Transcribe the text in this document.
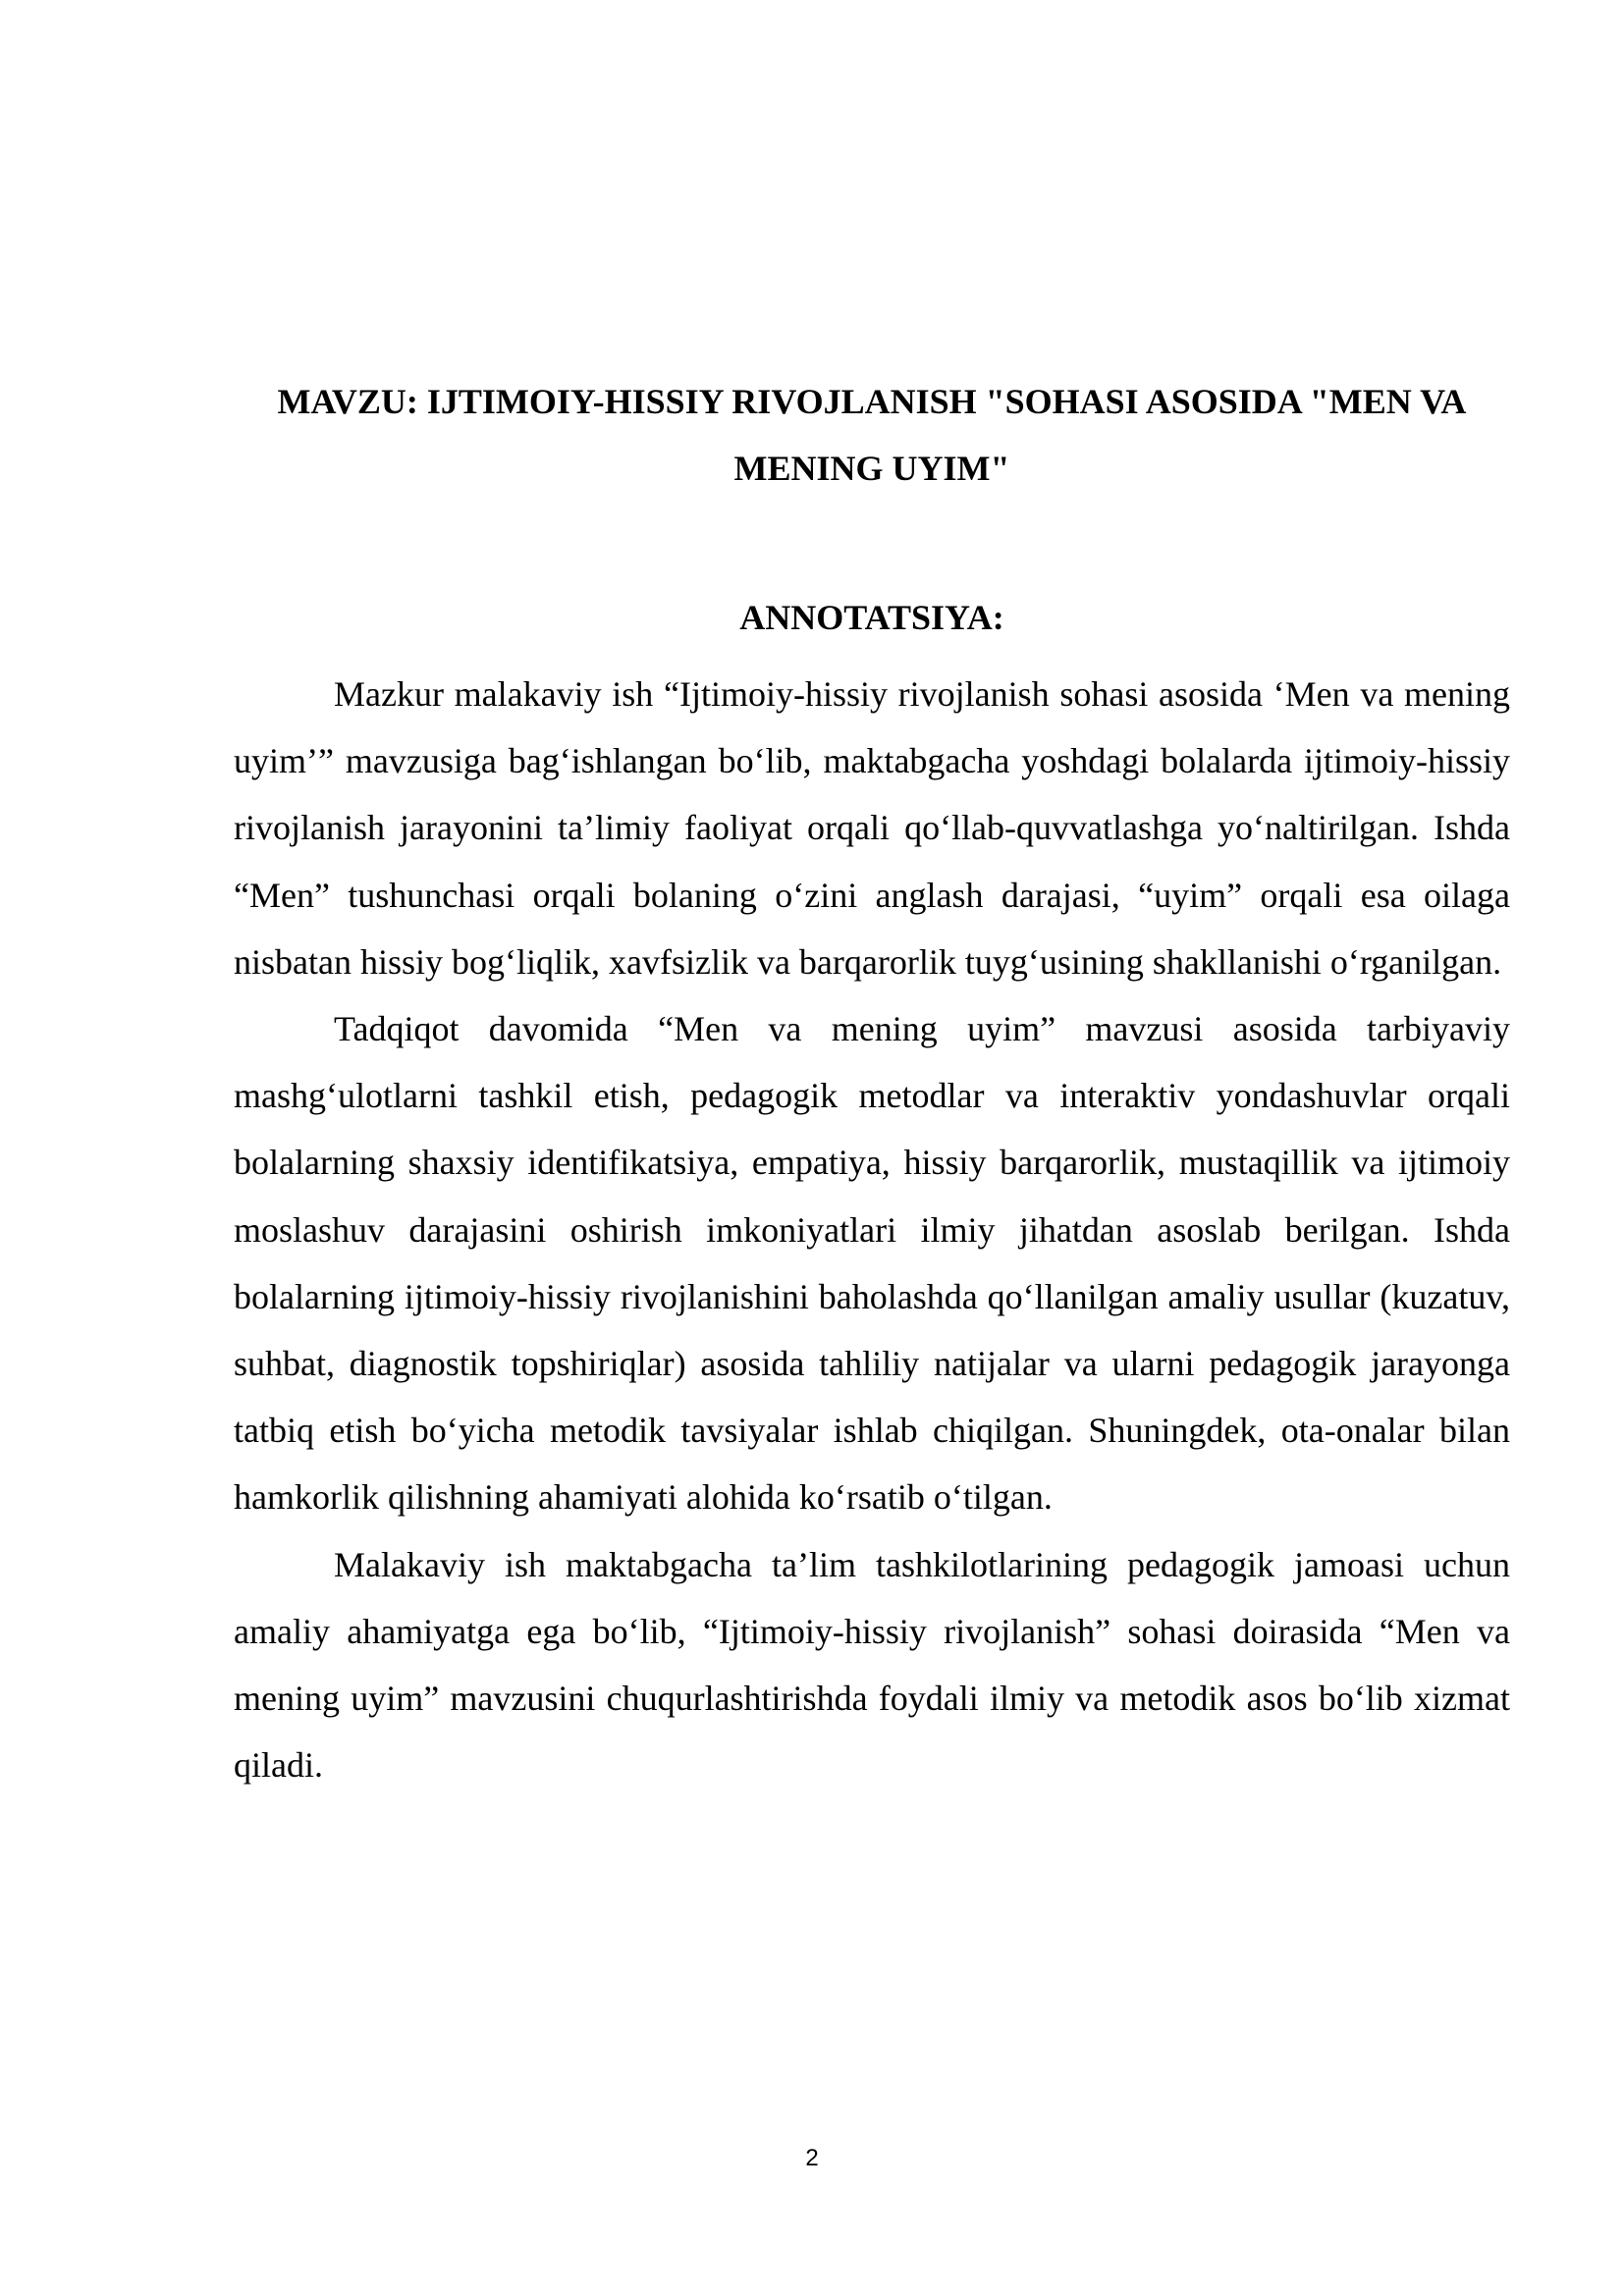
MAVZU: IJTIMOIY-HISSIY RIVOJLANISH "SOHASI ASOSIDA "MEN VA MENING UYIM"
ANNOTATSIYA:

Mazkur malakaviy ish “Ijtimoiy-hissiy rivojlanish sohasi asosida ‘Men va mening uyim’” mavzusiga bag‘ishlangan bo‘lib, maktabgacha yoshdagi bolalarda ijtimoiy-hissiy rivojlanish jarayonini ta’limiy faoliyat orqali qo‘llab-quvvatlashga yo‘naltirilgan. Ishda “Men” tushunchasi orqali bolaning o‘zini anglash darajasi, “uyim” orqali esa oilaga nisbatan hissiy bog‘liqlik, xavfsizlik va barqarorlik tuyg‘usining shakllanishi o‘rganilgan.

Tadqiqot davomida “Men va mening uyim” mavzusi asosida tarbiyaviy mashg‘ulotlarni tashkil etish, pedagogik metodlar va interaktiv yondashuvlar orqali bolalarning shaxsiy identifikatsiya, empatiya, hissiy barqarorlik, mustaqillik va ijtimoiy moslashuv darajasini oshirish imkoniyatlari ilmiy jihatdan asoslab berilgan. Ishda bolalarning ijtimoiy-hissiy rivojlanishini baholashda qo‘llanilgan amaliy usullar (kuzatuv, suhbat, diagnostik topshiriqlar) asosida tahliliy natijalar va ularni pedagogik jarayonga tatbiq etish bo‘yicha metodik tavsiyalar ishlab chiqilgan. Shuningdek, ota-onalar bilan hamkorlik qilishning ahamiyati alohida ko‘rsatib o‘tilgan.

Malakaviy ish maktabgacha ta’lim tashkilotlarining pedagogik jamoasi uchun amaliy ahamiyatga ega bo‘lib, “Ijtimoiy-hissiy rivojlanish” sohasi doirasida “Men va mening uyim” mavzusini chuqurlashtirishda foydali ilmiy va metodik asos bo‘lib xizmat qiladi.

2
